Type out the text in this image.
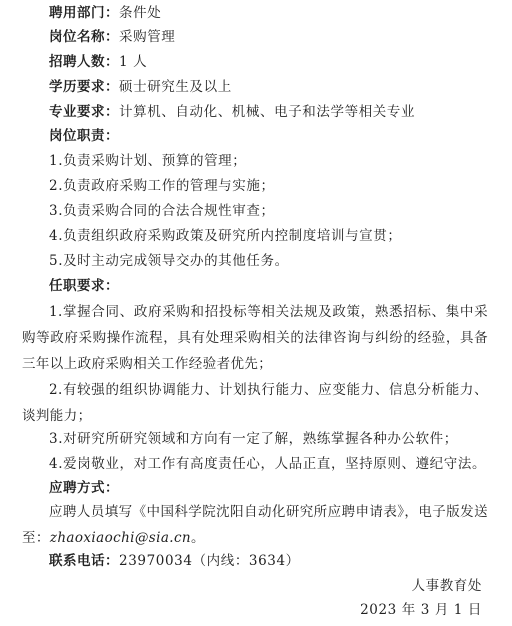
聘用部门：条件处
岗位名称：采购管理
招聘人数：1 人
学历要求：硕士研究生及以上
专业要求：计算机、自动化、机械、电子和法学等相关专业
岗位职责：
1.负责采购计划、预算的管理；
2.负责政府采购工作的管理与实施；
3.负责采购合同的合法合规性审查；
4.负责组织政府采购政策及研究所内控制度培训与宣贯；
5.及时主动完成领导交办的其他任务。
任职要求：
1.掌握合同、政府采购和招投标等相关法规及政策，熟悉招标、集中采购等政府采购操作流程，具有处理采购相关的法律咨询与纠纷的经验，具备三年以上政府采购相关工作经验者优先；
2.有较强的组织协调能力、计划执行能力、应变能力、信息分析能力、谈判能力；
3.对研究所研究领域和方向有一定了解，熟练掌握各种办公软件；
4.爱岗敬业，对工作有高度责任心，人品正直，坚持原则、遵纪守法。
应聘方式：
应聘人员填写《中国科学院沈阳自动化研究所应聘申请表》，电子版发送至：zhaoxiaochi@sia.cn。
联系电话：23970034（内线：3634）
人事教育处
2023 年 3 月 1 日
